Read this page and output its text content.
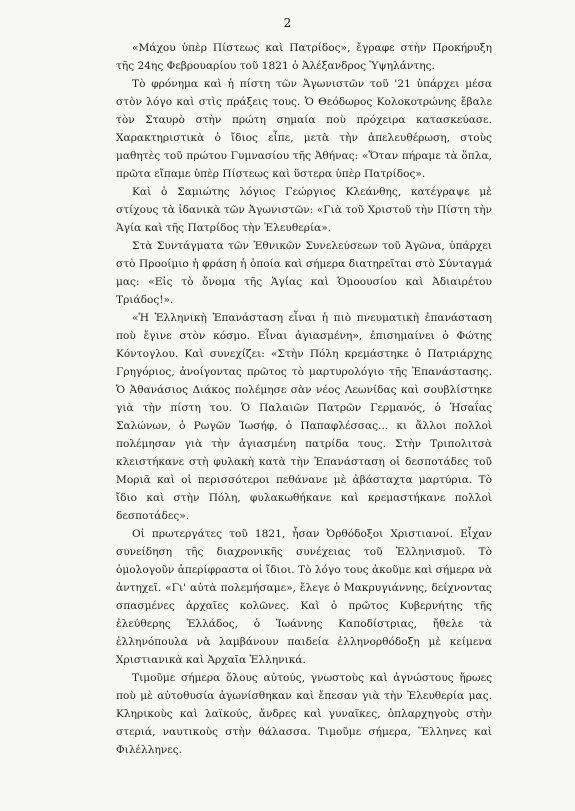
2

«Μάχου ὑπὲρ Πίστεως καὶ Πατρίδος», ἔγραφε στὴν Προκήρυξη τῆς 24ης Φεβρουαρίου τοῦ 1821 ὁ Ἀλέξανδρος Ὑψηλάντης.

Τὸ φρόνημα καὶ ἡ πίστη τῶν Ἀγωνιστῶν τοῦ '21 ὑπάρχει μέσα στὸν λόγο καὶ στὶς πράξεις τους. Ὁ Θεόδωρος Κολοκοτρώνης ἔβαλε τὸν Σταυρὸ στὴν πρώτη σημαία ποὺ πρόχειρα κατασκεύασε. Χαρακτηριστικὰ ὁ ἴδιος εἶπε, μετὰ τὴν ἀπελευθέρωση, στοὺς μαθητὲς τοῦ πρώτου Γυμνασίου τῆς Ἀθήνας: «Ὅταν πήραμε τὰ ὅπλα, πρῶτα εἴπαμε ὑπὲρ Πίστεως καὶ ὕστερα ὑπὲρ Πατρίδος».

Καὶ ὁ Σαμιώτης λόγιος Γεώργιος Κλεάνθης, κατέγραψε μὲ στίχους τὰ ἰδανικὰ τῶν Ἀγωνιστῶν: «Γιὰ τοῦ Χριστοῦ τὴν Πίστη τὴν Ἁγία καὶ τῆς Πατρίδος τὴν Ἐλευθερία».

Στὰ Συντάγματα τῶν Ἐθνικῶν Συνελεύσεων τοῦ Ἀγῶνα, ὑπάρχει στὸ Προοίμιο ἡ φράση ἡ ὁποία καὶ σήμερα διατηρεῖται στὸ Σύνταγμά μας: «Εἰς τὸ ὄνομα τῆς Ἁγίας καὶ Ὁμοουσίου καὶ Ἀδιαιρέτου Τριάδος!».

«Ἡ Ἑλληνικὴ Ἐπανάσταση εἶναι ἡ πιὸ πνευματικὴ ἐπανάσταση ποὺ ἔγινε στὸν κόσμο. Εἶναι ἁγιασμένη», ἐπισημαίνει ὁ Φώτης Κόντογλου. Καὶ συνεχίζει: «Στὴν Πόλη κρεμάστηκε ὁ Πατριάρχης Γρηγόριος, ἀνοίγοντας πρῶτος τὸ μαρτυρολόγιο τῆς Ἐπανάστασης. Ὁ Ἀθανάσιος Διάκος πολέμησε σὰν νέος Λεωνίδας καὶ σουβλίστηκε γιὰ τὴν πίστη του. Ὁ Παλαιῶν Πατρῶν Γερμανός, ὁ Ἡσαΐας Σαλώνων, ὁ Ρωγῶν Ἰωσήφ, ὁ Παπαφλέσσας... κι ἄλλοι πολλοὶ πολέμησαν γιὰ τὴν ἁγιασμένη πατρίδα τους. Στὴν Τριπολιτσὰ κλειστήκανε στὴ φυλακὴ κατὰ τὴν Ἐπανάσταση οἱ δεσποτάδες τοῦ Μοριᾶ καὶ οἱ περισσότεροι πεθάνανε μὲ ἀβάσταχτα μαρτύρια. Τὸ ἴδιο καὶ στὴν Πόλη, φυλακωθήκανε καὶ κρεμαστήκανε πολλοὶ δεσποτάδες».

Οἱ πρωτεργάτες τοῦ 1821, ἦσαν Ὀρθόδοξοι Χριστιανοί. Εἶχαν συνείδηση τῆς διαχρονικῆς συνέχειας τοῦ Ἑλληνισμοῦ. Τὸ ὁμολογοῦν ἀπερίφραστα οἱ ἴδιοι. Τὸ λόγο τους ἀκοῦμε καὶ σήμερα νὰ ἀντηχεῖ. «Γι' αὐτὰ πολεμήσαμε», ἔλεγε ὁ Μακρυγιάννης, δείχνοντας σπασμένες ἀρχαῖες κολῶνες. Καὶ ὁ πρῶτος Κυβερνήτης τῆς ἐλεύθερης Ἑλλάδος, ὁ Ἰωάννης Καποδίστριας, ἤθελε τὰ ἑλληνόπουλα νὰ λαμβάνουν παιδεία ἑλληνορθόδοξη μὲ κείμενα Χριστιανικὰ καὶ Ἀρχαῖα Ἑλληνικά.

Τιμοῦμε σήμερα ὅλους αὐτούς, γνωστοὺς καὶ ἀγνώστους ἥρωες ποὺ μὲ αὐτοθυσία ἀγωνίσθηκαν καὶ ἔπεσαν γιὰ τὴν Ἐλευθερία μας. Κληρικοὺς καὶ λαϊκούς, ἄνδρες καὶ γυναῖκες, ὁπλαρχηγοὺς στὴν στεριά, ναυτικοὺς στὴν θάλασσα. Τιμοῦμε σήμερα, Ἕλληνες καὶ Φιλέλληνες.
